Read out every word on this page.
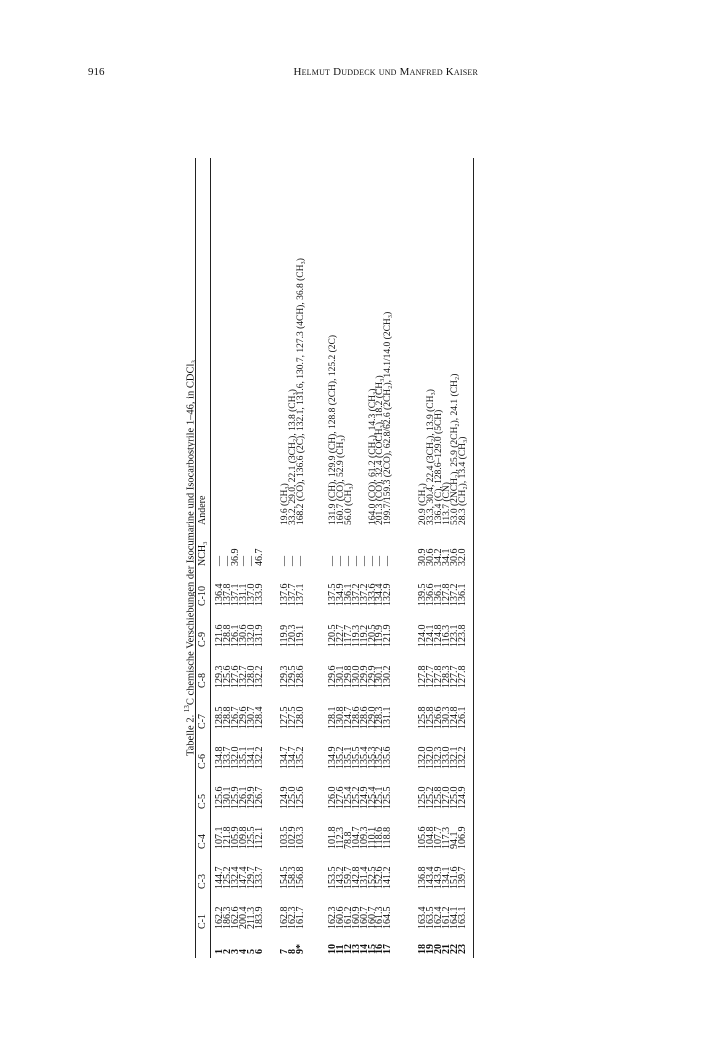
916	Helmut Duddeck und Manfred Kaiser
Tabelle 2. $^{13}$C chemische Verschiebungen der Isocumarine und Isocarbostyrile 1–46, in CDCl₃
C-1
C-3
C-4
C-5
C-6
C-7
C-8
C-9
C-10
NCH₃
Andere
1
162.2
144.7
107.1
125.6
134.8
128.5
129.3
121.6
136.4
—
2
186.3
125.2
121.8
130.1
133.7
128.8
125.6
128.8
137.8
—
3
162.6
132.4
105.9
125.9
132.0
126.7
127.6
126.1
137.1
36.9
4
200.4
147.4
109.8
126.1
135.1
129.6
132.7
130.6
131.1
—
5
211.3
129.7
125.5
129.9
134.1
130.7
128.0
132.0
137.0
—
6
183.9
133.7
112.1
126.7
132.2
128.4
132.2
131.9
133.9
46.7
7
162.8
154.5
103.5
124.9
134.7
127.5
129.3
119.9
137.6
—
19.6 (CH₃)
8
162.3
158.3
102.9
125.0
134.7
127.5
129.5
120.3
137.7
—
33.2, 29.0, 22.1 (3CH₂), 13.8 (CH₃)
9*
161.7
156.8
103.3
125.6
135.2
128.0
128.6
119.1
137.1
—
168.2 (CO), 136.6 (2C), 132.1, 131.6, 130.7, 127.3 (4CH), 36.8 (CH₃)
10
162.3
153.5
101.8
126.0
134.9
128.1
129.6
120.5
137.5
—
131.9 (CH), 129.9 (CH), 128.8 (2CH), 125.2 (2C)
11
160.6
143.2
112.3
127.6
135.2
130.8
130.1
122.7
134.9
—
160.7 (CO), 52.9 (CH₃)
12
161.2
159.7
78.8
125.4
135.1
124.7
129.8
117.7
136.1
—
56.0 (CH₃)
13
160.9
142.8
104.7
125.2
135.5
128.6
130.0
119.3
137.2
—
14
160.7
131.4
109.3
124.9
135.4
128.6
129.9
119.2
137.2
—
15
160.7
152.5
110.1
125.4
135.3
129.0
129.9
120.5
133.6
—
164.0 (CO), 61.2 (CH₂), 14.3 (CH₃)
16
161.3
152.6
118.6
125.1
135.2
128.3
130.1
119.9
134.4
—
201.3 (CO), 32.4 (COCH₃), 18.2 (CH₃)
17
164.5
141.2
118.8
125.5
135.6
131.1
130.2
121.9
132.9
—
199.7/159.3 (2CO), 62.8/62.6 (2CH₂), 14.1/14.0 (2CH₃)
18
163.4
136.8
105.6
125.0
132.0
125.8
127.8
124.0
139.5
30.9
20.9 (CH₃)
19
163.5
143.4
104.8
125.2
132.0
125.8
127.7
124.1
136.6
30.6
33.3, 30.4, 22.4 (3CH₂), 13.9 (CH₃)
20
162.4
143.9
107.7
125.8
132.3
126.6
127.8
124.8
136.1
34.2
136.4 (C), 128.6–129.0 (5CH)
21
161.2
134.1
117.3
127.0
133.0
130.3
128.3
116.3
127.8
34.1
113.7 (CN)
22
164.1
151.6
94.1
125.0
132.1
124.8
127.7
123.1
137.2
30.6
53.0 (2NCH₂), 25.9 (2CH₂), 24.1 (CH₂)
23
163.1
139.7
106.9
124.9
132.2
126.1
127.8
123.8
136.1
32.0
28.3 (CH₂), 13.4 (CH₃)
